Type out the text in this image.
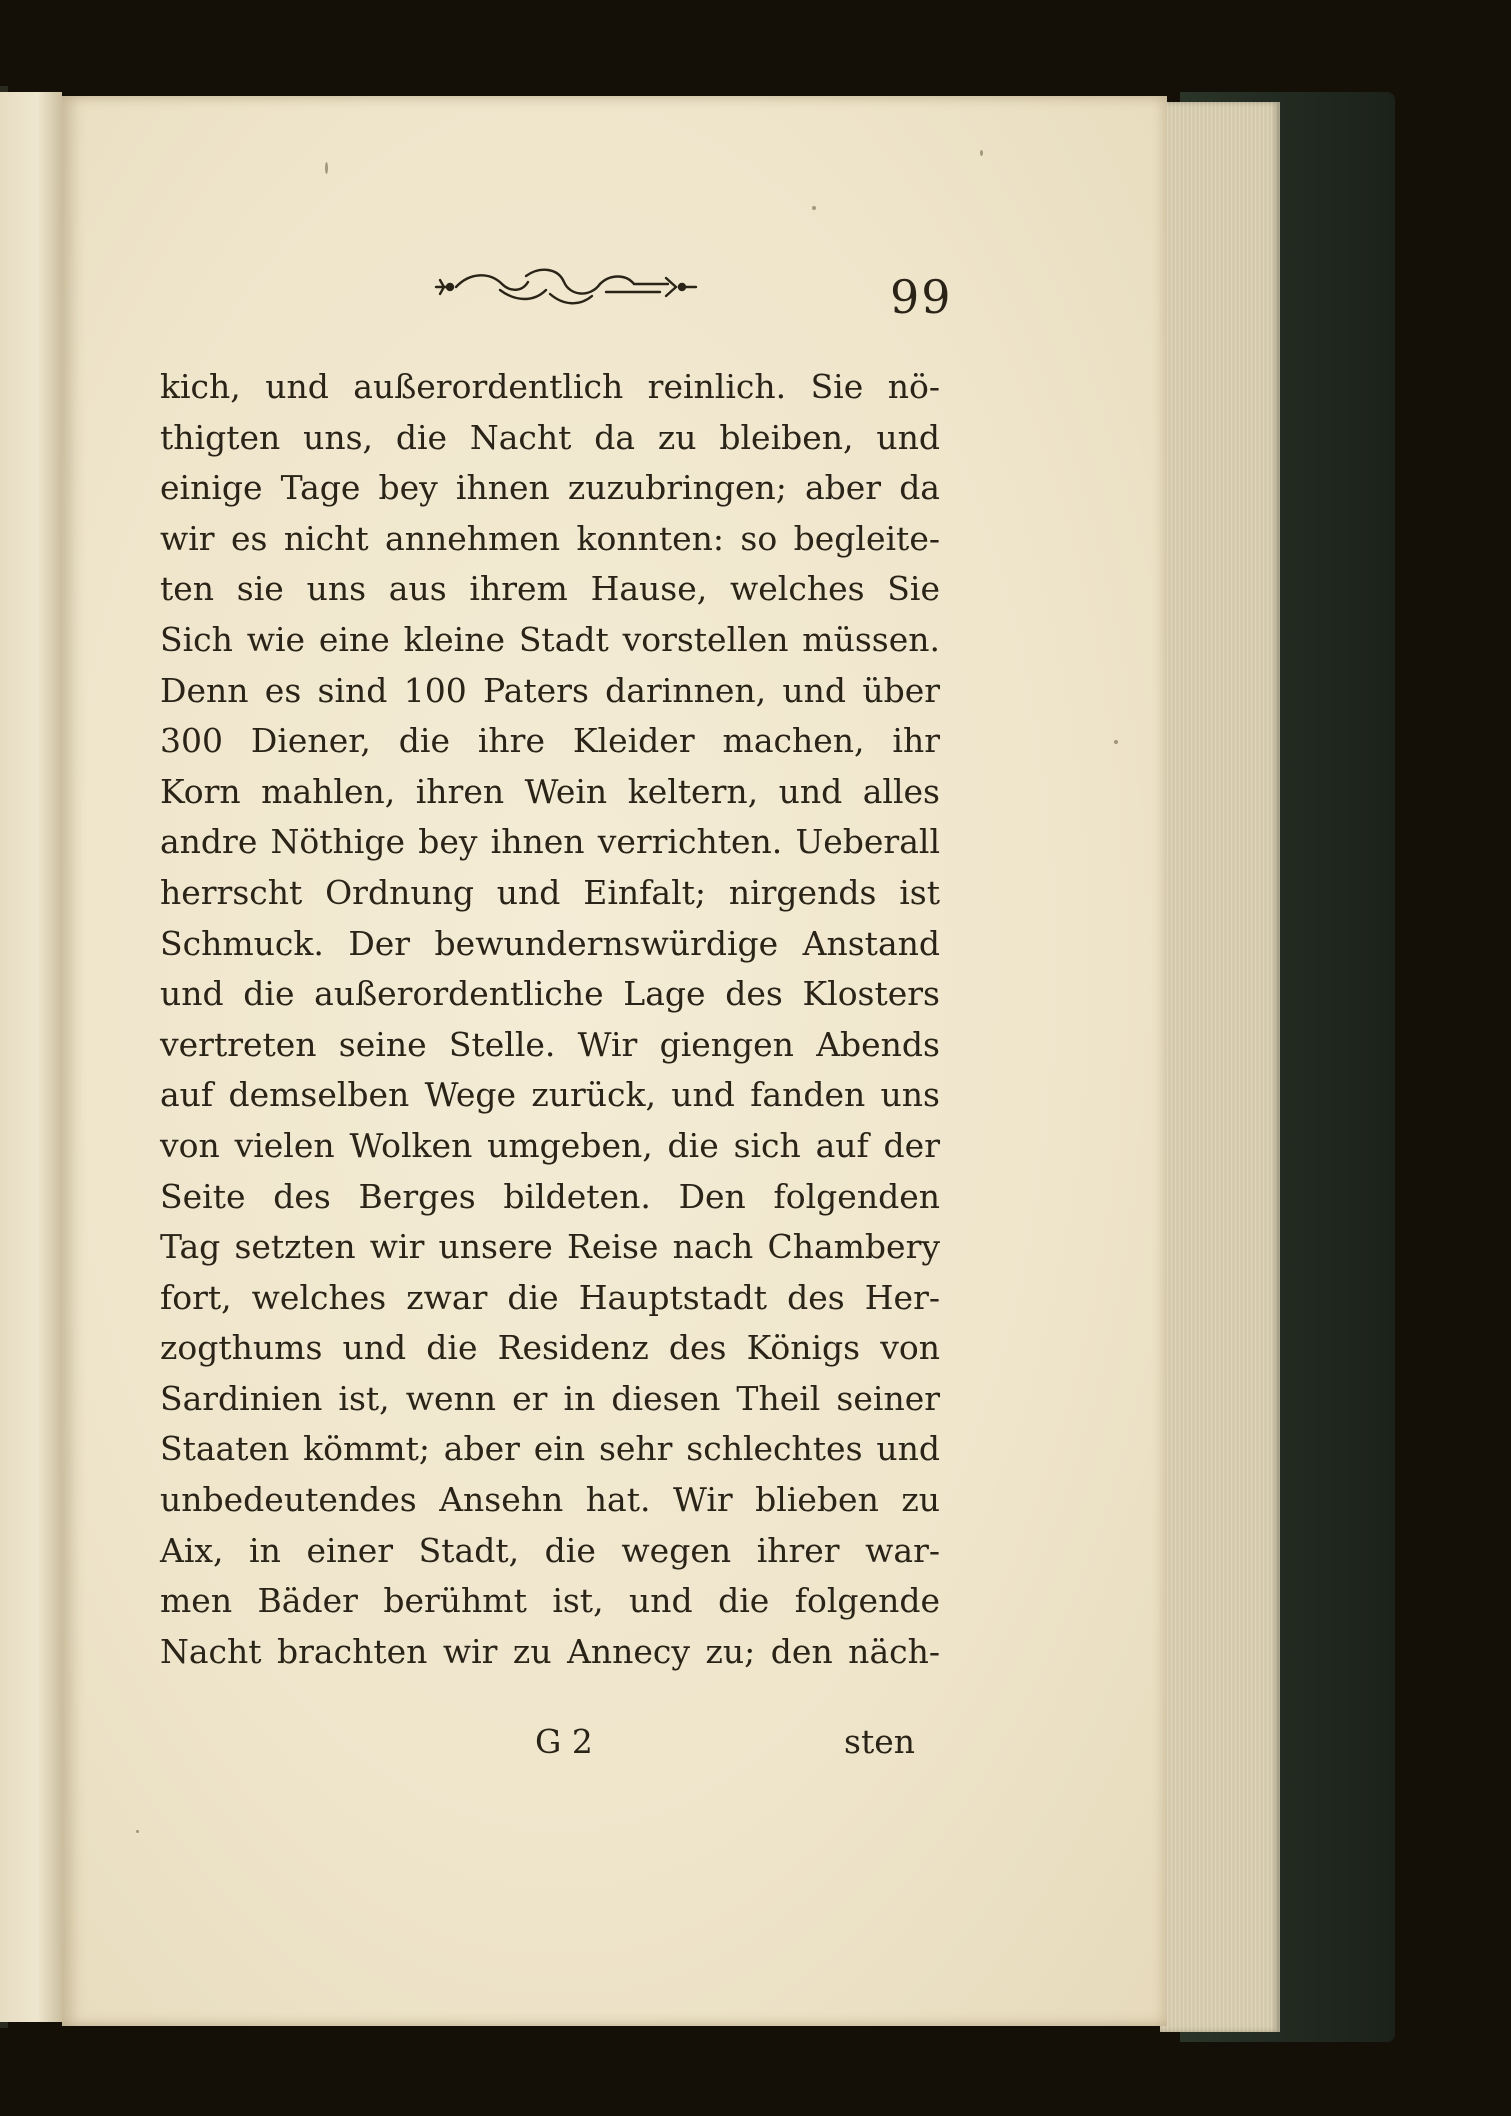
99
kich, und außerordentlich reinlich. Sie nö-
thigten uns, die Nacht da zu bleiben, und
einige Tage bey ihnen zuzubringen; aber da
wir es nicht annehmen konnten: so begleite-
ten sie uns aus ihrem Hause, welches Sie
Sich wie eine kleine Stadt vorstellen müssen.
Denn es sind 100 Paters darinnen, und über
300 Diener, die ihre Kleider machen, ihr
Korn mahlen, ihren Wein keltern, und alles
andre Nöthige bey ihnen verrichten. Ueberall
herrscht Ordnung und Einfalt; nirgends ist
Schmuck. Der bewundernswürdige Anstand
und die außerordentliche Lage des Klosters
vertreten seine Stelle. Wir giengen Abends
auf demselben Wege zurück, und fanden uns
von vielen Wolken umgeben, die sich auf der
Seite des Berges bildeten. Den folgenden
Tag setzten wir unsere Reise nach Chambery
fort, welches zwar die Hauptstadt des Her-
zogthums und die Residenz des Königs von
Sardinien ist, wenn er in diesen Theil seiner
Staaten kömmt; aber ein sehr schlechtes und
unbedeutendes Ansehn hat. Wir blieben zu
Aix, in einer Stadt, die wegen ihrer war-
men Bäder berühmt ist, und die folgende
Nacht brachten wir zu Annecy zu; den näch-
G 2	sten
